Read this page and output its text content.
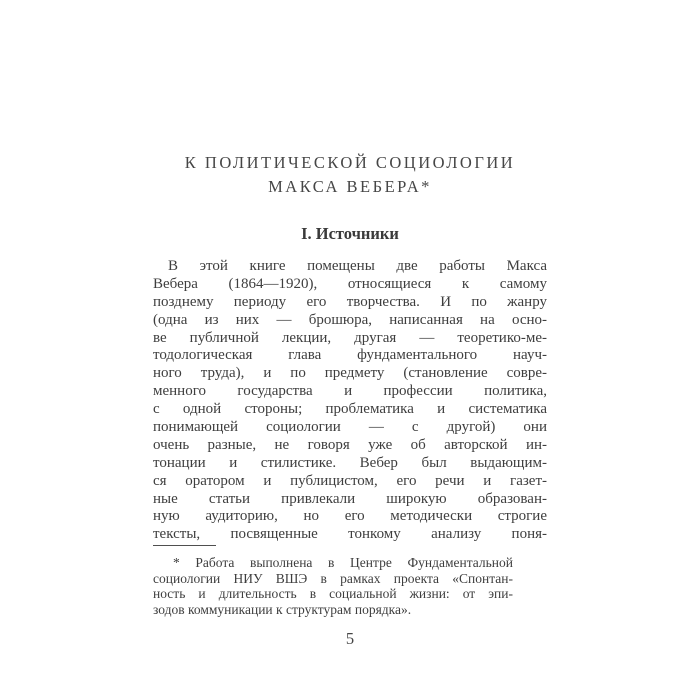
К ПОЛИТИЧЕСКОЙ СОЦИОЛОГИИ
МАКСА ВЕБЕРА*
I. Источники
В этой книге помещены две работы Макса
Вебера (1864—1920), относящиеся к самому
позднему периоду его творчества. И по жанру
(одна из них — брошюра, написанная на осно-
ве публичной лекции, другая — теоретико-ме-
тодологическая глава фундаментального науч-
ного труда), и по предмету (становление совре-
менного государства и профессии политика,
с одной стороны; проблематика и систематика
понимающей социологии — с другой) они
очень разные, не говоря уже об авторской ин-
тонации и стилистике. Вебер был выдающим-
ся оратором и публицистом, его речи и газет-
ные статьи привлекали широкую образован-
ную аудиторию, но его методически строгие
тексты, посвященные тонкому анализу поня-
* Работа выполнена в Центре Фундаментальной
социологии НИУ ВШЭ в рамках проекта «Спонтан-
ность и длительность в социальной жизни: от эпи-
зодов коммуникации к структурам порядка».
5
